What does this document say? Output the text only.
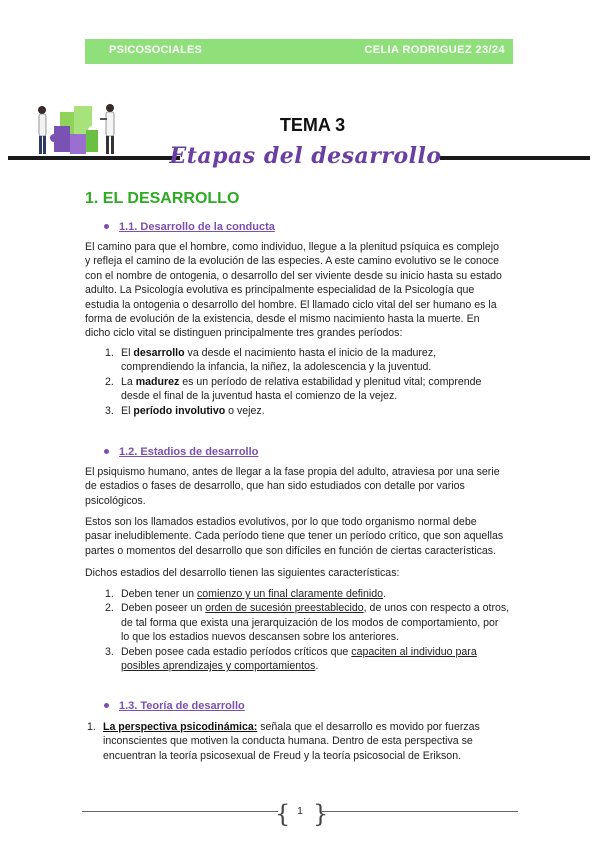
PSICOSOCIALES	CELIA RODRIGUEZ 23/24
TEMA 3
Etapas del desarrollo
1. EL DESARROLLO
1.1. Desarrollo de la conducta
El camino para que el hombre, como individuo, llegue a la plenitud psíquica es complejo
y refleja el camino de la evolución de las especies. A este camino evolutivo se le conoce
con el nombre de ontogenia, o desarrollo del ser viviente desde su inicio hasta su estado
adulto. La Psicología evolutiva es principalmente especialidad de la Psicología que
estudia la ontogenia o desarrollo del hombre. El llamado ciclo vital del ser humano es la
forma de evolución de la existencia, desde el mismo nacimiento hasta la muerte. En
dicho ciclo vital se distinguen principalmente tres grandes períodos:
1. El desarrollo va desde el nacimiento hasta el inicio de la madurez,
comprendiendo la infancia, la niñez, la adolescencia y la juventud.
2. La madurez es un período de relativa estabilidad y plenitud vital; comprende
desde el final de la juventud hasta el comienzo de la vejez.
3. El período involutivo o vejez.
1.2. Estadios de desarrollo
El psiquismo humano, antes de llegar a la fase propia del adulto, atraviesa por una serie
de estadios o fases de desarrollo, que han sido estudiados con detalle por varios
psicológicos.
Estos son los llamados estadios evolutivos, por lo que todo organismo normal debe
pasar ineludiblemente. Cada período tiene que tener un período crítico, que son aquellas
partes o momentos del desarrollo que son difíciles en función de ciertas características.
Dichos estadios del desarrollo tienen las siguientes características:
1. Deben tener un comienzo y un final claramente definido.
2. Deben poseer un orden de sucesión preestablecido, de unos con respecto a otros,
de tal forma que exista una jerarquización de los modos de comportamiento, por
lo que los estadios nuevos descansen sobre los anteriores.
3. Deben posee cada estadio períodos críticos que capaciten al individuo para
posibles aprendizajes y comportamientos.
1.3. Teoría de desarrollo
1. La perspectiva psicodinámica: señala que el desarrollo es movido por fuerzas
inconscientes que motiven la conducta humana. Dentro de esta perspectiva se
encuentran la teoría psicosexual de Freud y la teoría psicosocial de Erikson.
{ }
1
